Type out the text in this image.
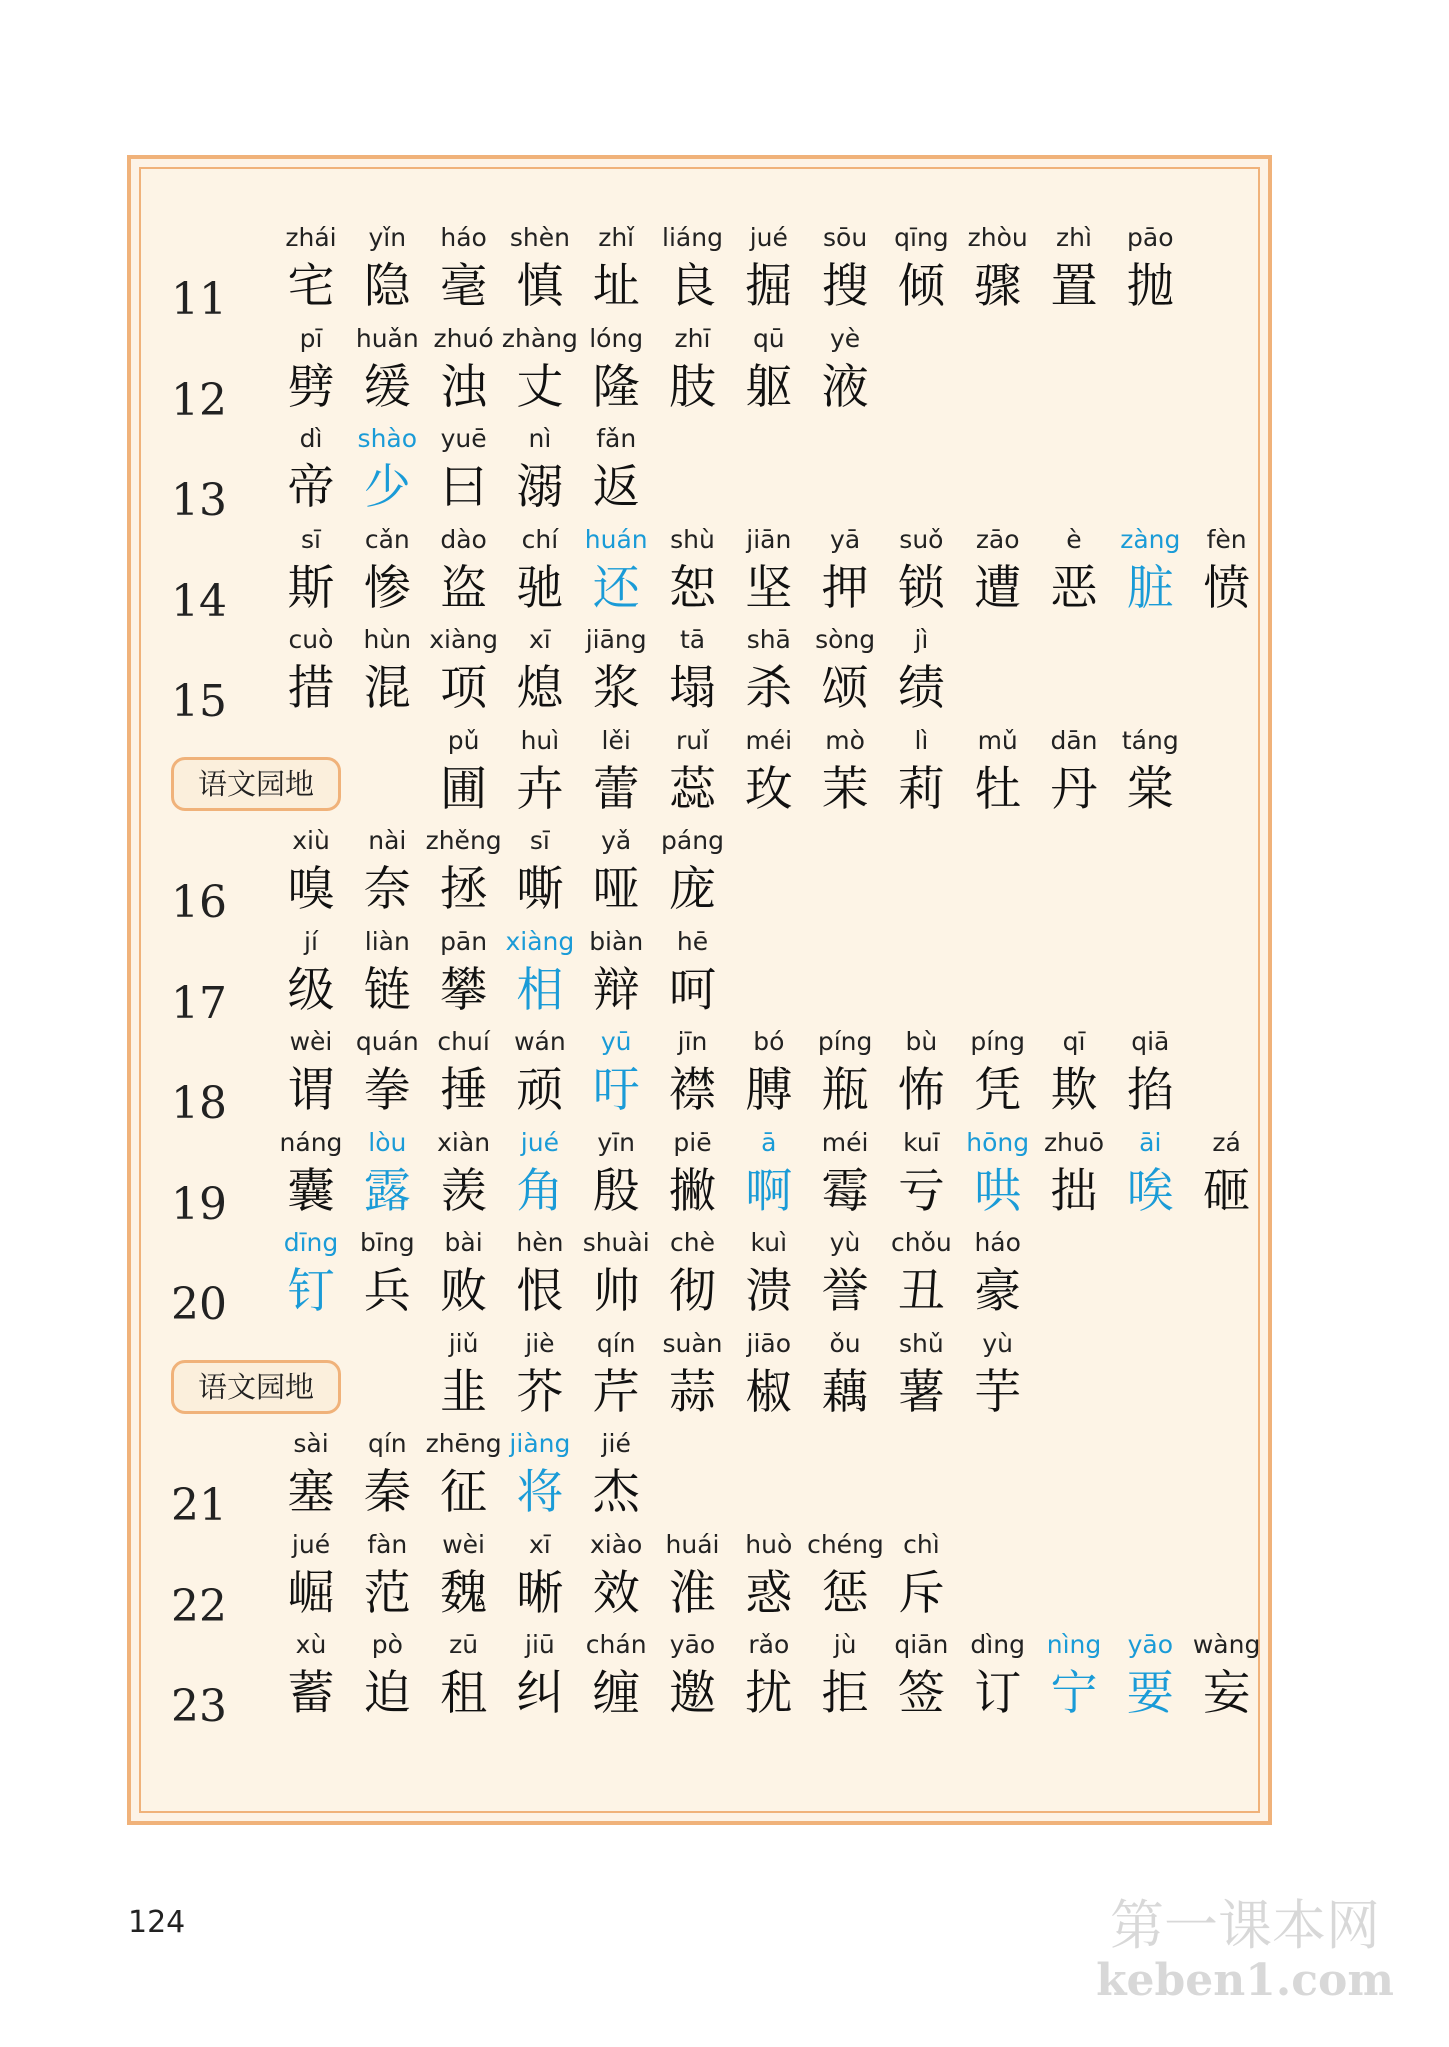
11
zhái
宅
yǐn
隐
háo
毫
shèn
慎
zhǐ
址
liáng
良
jué
掘
sōu
搜
qīng
倾
zhòu
骤
zhì
置
pāo
抛
12
pī
劈
huǎn
缓
zhuó
浊
zhàng
丈
lóng
隆
zhī
肢
qū
躯
yè
液
13
dì
帝
shào
少
yuē
曰
nì
溺
fǎn
返
14
sī
斯
cǎn
惨
dào
盗
chí
驰
huán
还
shù
恕
jiān
坚
yā
押
suǒ
锁
zāo
遭
è
恶
zàng
脏
fèn
愤
15
cuò
措
hùn
混
xiàng
项
xī
熄
jiāng
浆
tā
塌
shā
杀
sòng
颂
jì
绩
语文园地
pǔ
圃
huì
卉
lěi
蕾
ruǐ
蕊
méi
玫
mò
茉
lì
莉
mǔ
牡
dān
丹
táng
棠
16
xiù
嗅
nài
奈
zhěng
拯
sī
嘶
yǎ
哑
páng
庞
17
jí
级
liàn
链
pān
攀
xiàng
相
biàn
辩
hē
呵
18
wèi
谓
quán
拳
chuí
捶
wán
顽
yū
吁
jīn
襟
bó
膊
píng
瓶
bù
怖
píng
凭
qī
欺
qiā
掐
19
náng
囊
lòu
露
xiàn
羡
jué
角
yīn
殷
piē
撇
ā
啊
méi
霉
kuī
亏
hōng
哄
zhuō
拙
āi
唉
zá
砸
20
dīng
钉
bīng
兵
bài
败
hèn
恨
shuài
帅
chè
彻
kuì
溃
yù
誉
chǒu
丑
háo
豪
语文园地
jiǔ
韭
jiè
芥
qín
芹
suàn
蒜
jiāo
椒
ǒu
藕
shǔ
薯
yù
芋
21
sài
塞
qín
秦
zhēng
征
jiàng
将
jié
杰
22
jué
崛
fàn
范
wèi
魏
xī
晰
xiào
效
huái
淮
huò
惑
chéng
惩
chì
斥
23
xù
蓄
pò
迫
zū
租
jiū
纠
chán
缠
yāo
邀
rǎo
扰
jù
拒
qiān
签
dìng
订
nìng
宁
yāo
要
wàng
妄
124	第一课本网
keben1.com
